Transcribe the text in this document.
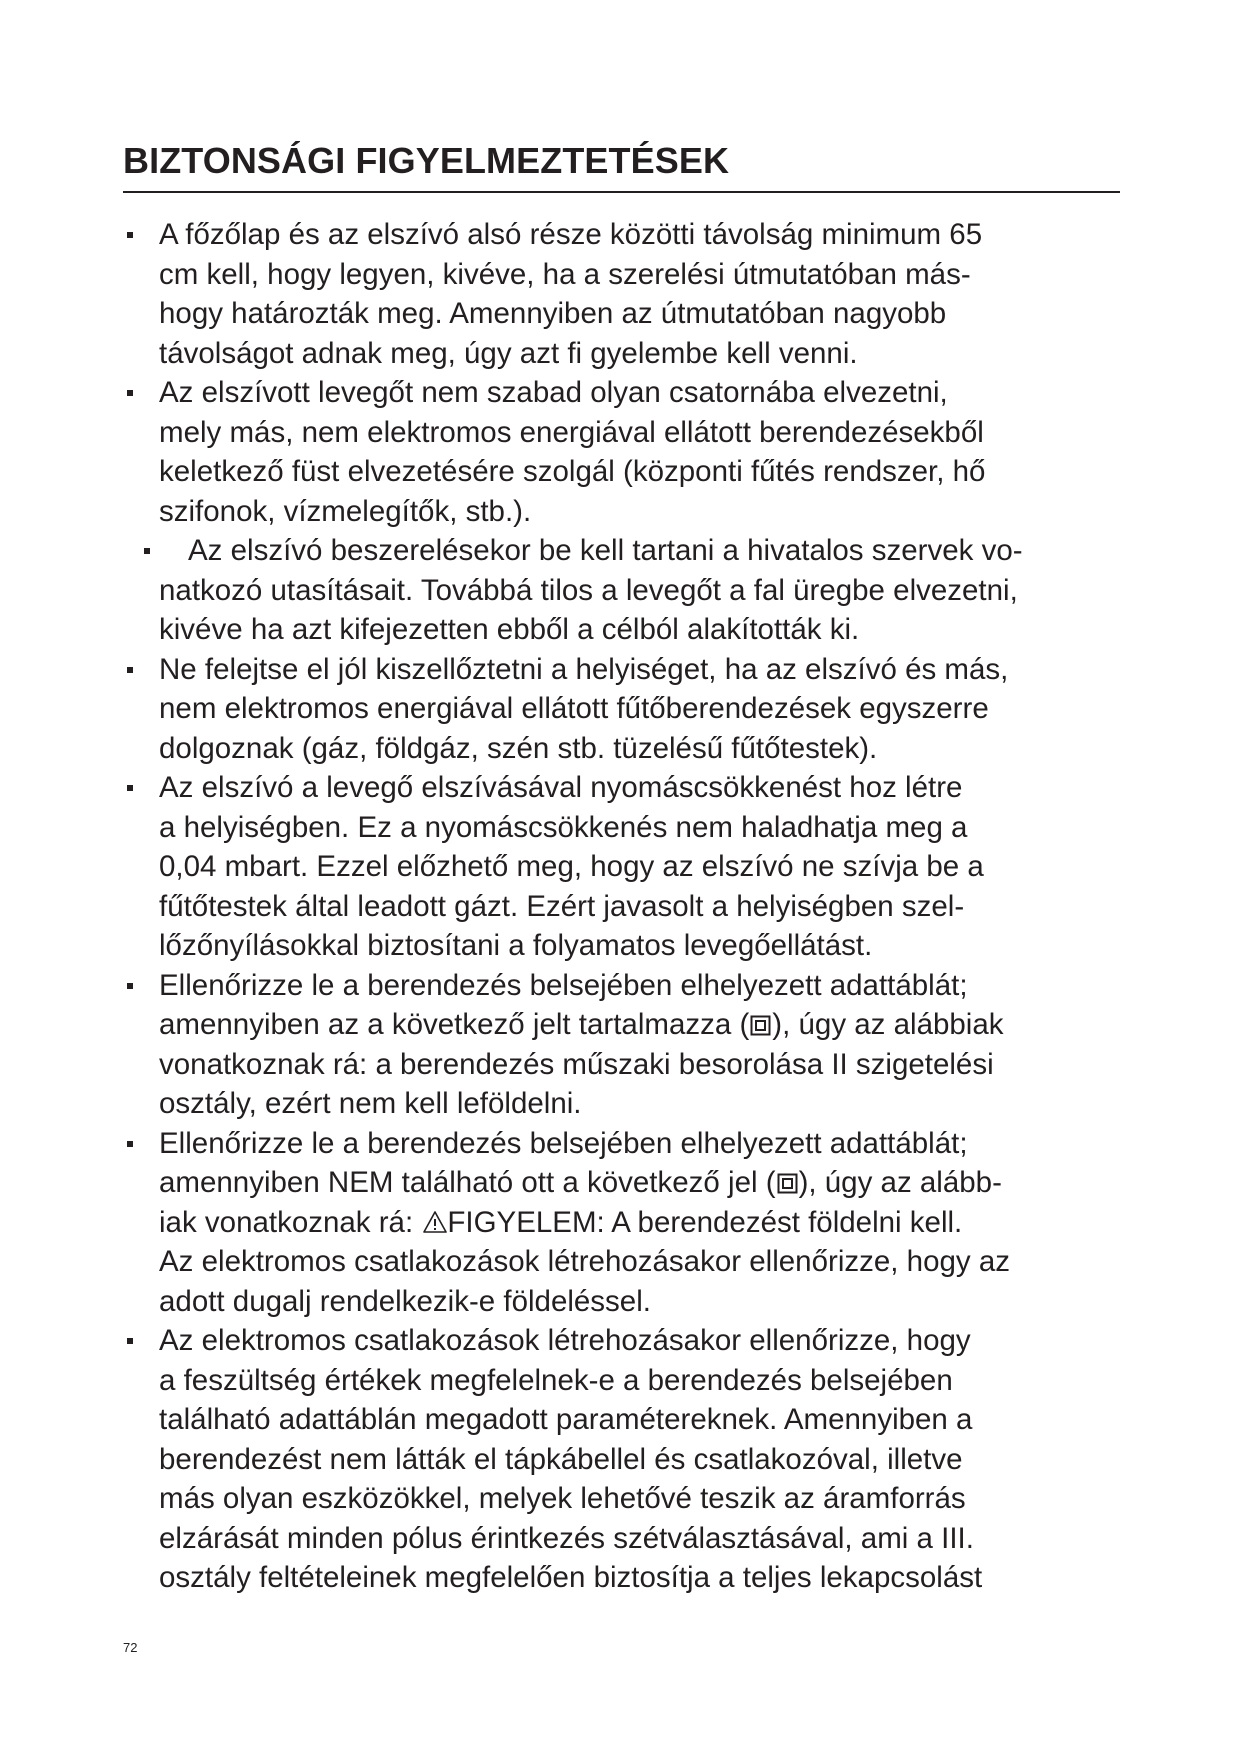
BIZTONSÁGI FIGYELMEZTETÉSEK
A főzőlap és az elszívó alsó része közötti távolság minimum 65
cm kell, hogy legyen, kivéve, ha a szerelési útmutatóban más-
hogy határozták meg. Amennyiben az útmutatóban nagyobb
távolságot adnak meg, úgy azt fi gyelembe kell venni.
Az elszívott levegőt nem szabad olyan csatornába elvezetni,
mely más, nem elektromos energiával ellátott berendezésekből
keletkező füst elvezetésére szolgál (központi fűtés rendszer, hő
szifonok, vízmelegítők, stb.).
Az elszívó beszerelésekor be kell tartani a hivatalos szervek vo-
natkozó utasításait. Továbbá tilos a levegőt a fal üregbe elvezetni,
kivéve ha azt kifejezetten ebből a célból alakították ki.
Ne felejtse el jól kiszellőztetni a helyiséget, ha az elszívó és más,
nem elektromos energiával ellátott fűtőberendezések egyszerre
dolgoznak (gáz, földgáz, szén stb. tüzelésű fűtőtestek).
Az elszívó a levegő elszívásával nyomáscsökkenést hoz létre
a helyiségben. Ez a nyomáscsökkenés nem haladhatja meg a
0,04 mbart. Ezzel előzhető meg, hogy az elszívó ne szívja be a
fűtőtestek által leadott gázt. Ezért javasolt a helyiségben szel-
lőzőnyílásokkal biztosítani a folyamatos levegőellátást.
Ellenőrizze le a berendezés belsejében elhelyezett adattáblát;
amennyiben az a következő jelt tartalmazza ( ), úgy az alábbiak
vonatkoznak rá: a berendezés műszaki besorolása II szigetelési
osztály, ezért nem kell leföldelni.
Ellenőrizze le a berendezés belsejében elhelyezett adattáblát;
amennyiben NEM található ott a következő jel ( ), úgy az alább-
iak vonatkoznak rá:
FIGYELEM: A berendezést földelni kell.
Az elektromos csatlakozások létrehozásakor ellenőrizze, hogy az
adott dugalj rendelkezik-e földeléssel.
Az elektromos csatlakozások létrehozásakor ellenőrizze, hogy
a feszültség értékek megfelelnek-e a berendezés belsejében
található adattáblán megadott paramétereknek. Amennyiben a
berendezést nem látták el tápkábellel és csatlakozóval, illetve
más olyan eszközökkel, melyek lehetővé teszik az áramforrás
elzárását minden pólus érintkezés szétválasztásával, ami a III.
osztály feltételeinek megfelelően biztosítja a teljes lekapcsolást
72
